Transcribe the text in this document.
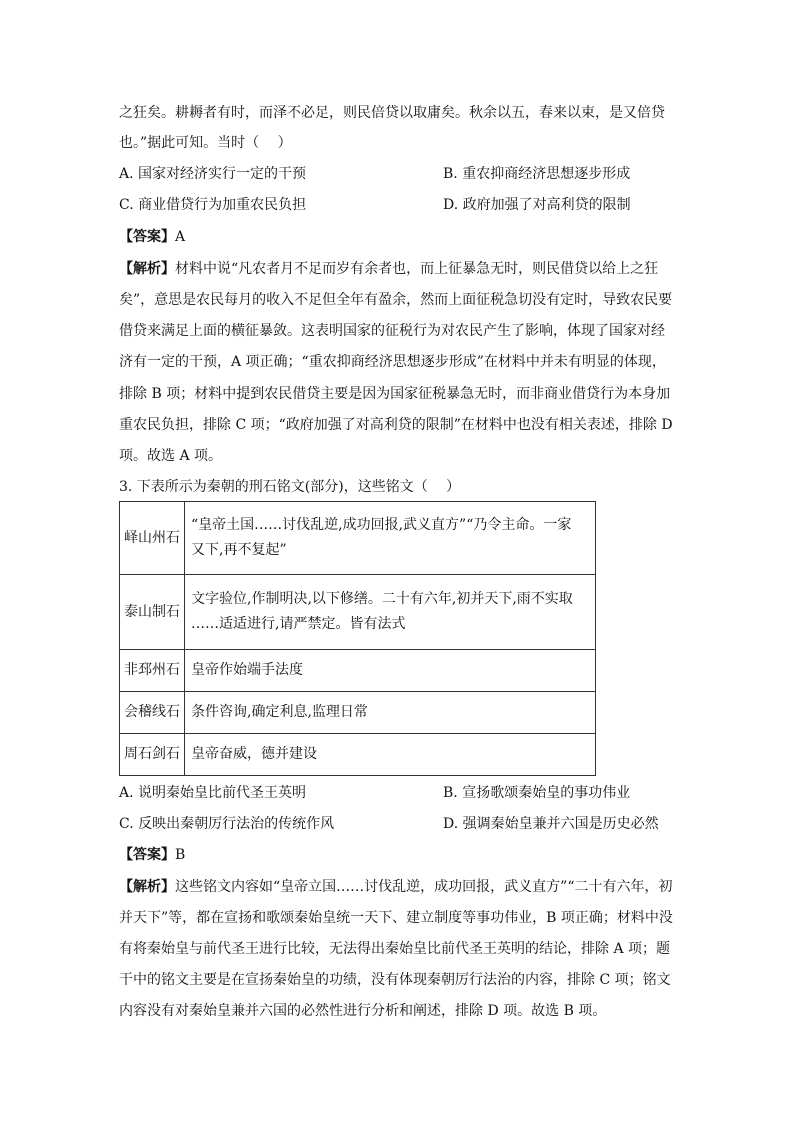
之狂矣。耕耨者有时，而泽不必足，则民倍贷以取庸矣。秋余以五，春来以束，是又倍贷
也。”据此可知。当时（　 ）
A. 国家对经济实行一定的干预	B. 重农抑商经济思想逐步形成
C. 商业借贷行为加重农民负担	D. 政府加强了对高利贷的限制
【答案】A
【解析】材料中说“凡农者月不足而岁有余者也，而上征暴急无时，则民借贷以给上之狂
矣”，意思是农民每月的收入不足但全年有盈余，然而上面征税急切没有定时，导致农民要
借贷来满足上面的横征暴敛。这表明国家的征税行为对农民产生了影响，体现了国家对经
济有一定的干预，A 项正确；“重农抑商经济思想逐步形成”在材料中并未有明显的体现，
排除 B 项；材料中提到农民借贷主要是因为国家征税暴急无时，而非商业借贷行为本身加
重农民负担，排除 C 项；“政府加强了对高利贷的限制”在材料中也没有相关表述，排除 D
项。故选 A 项。
3. 下表所示为秦朝的刑石铭文(部分)，这些铭文（　 ）
峄山州石	“皇帝土国……讨伐乱逆,成功回报,武义直方”“乃令主命。一家
又下,再不复起”

泰山制石	文字验位,作制明决,以下修缮。二十有六年,初并天下,雨不实取
……适适进行,请严禁定。皆有法式

非邳州石	皇帝作始端手法度
会稽线石	条件咨询,确定利息,监理日常
周石剑石	皇帝奋威，德并建设
A. 说明秦始皇比前代圣王英明	B. 宣扬歌颂秦始皇的事功伟业
C. 反映出秦朝厉行法治的传统作风	D. 强调秦始皇兼并六国是历史必然
【答案】B
【解析】这些铭文内容如“皇帝立国……讨伐乱逆，成功回报，武义直方”“二十有六年，初
并天下”等，都在宣扬和歌颂秦始皇统一天下、建立制度等事功伟业，B 项正确；材料中没
有将秦始皇与前代圣王进行比较，无法得出秦始皇比前代圣王英明的结论，排除 A 项；题
干中的铭文主要是在宣扬秦始皇的功绩，没有体现秦朝厉行法治的内容，排除 C 项；铭文
内容没有对秦始皇兼并六国的必然性进行分析和阐述，排除 D 项。故选 B 项。
